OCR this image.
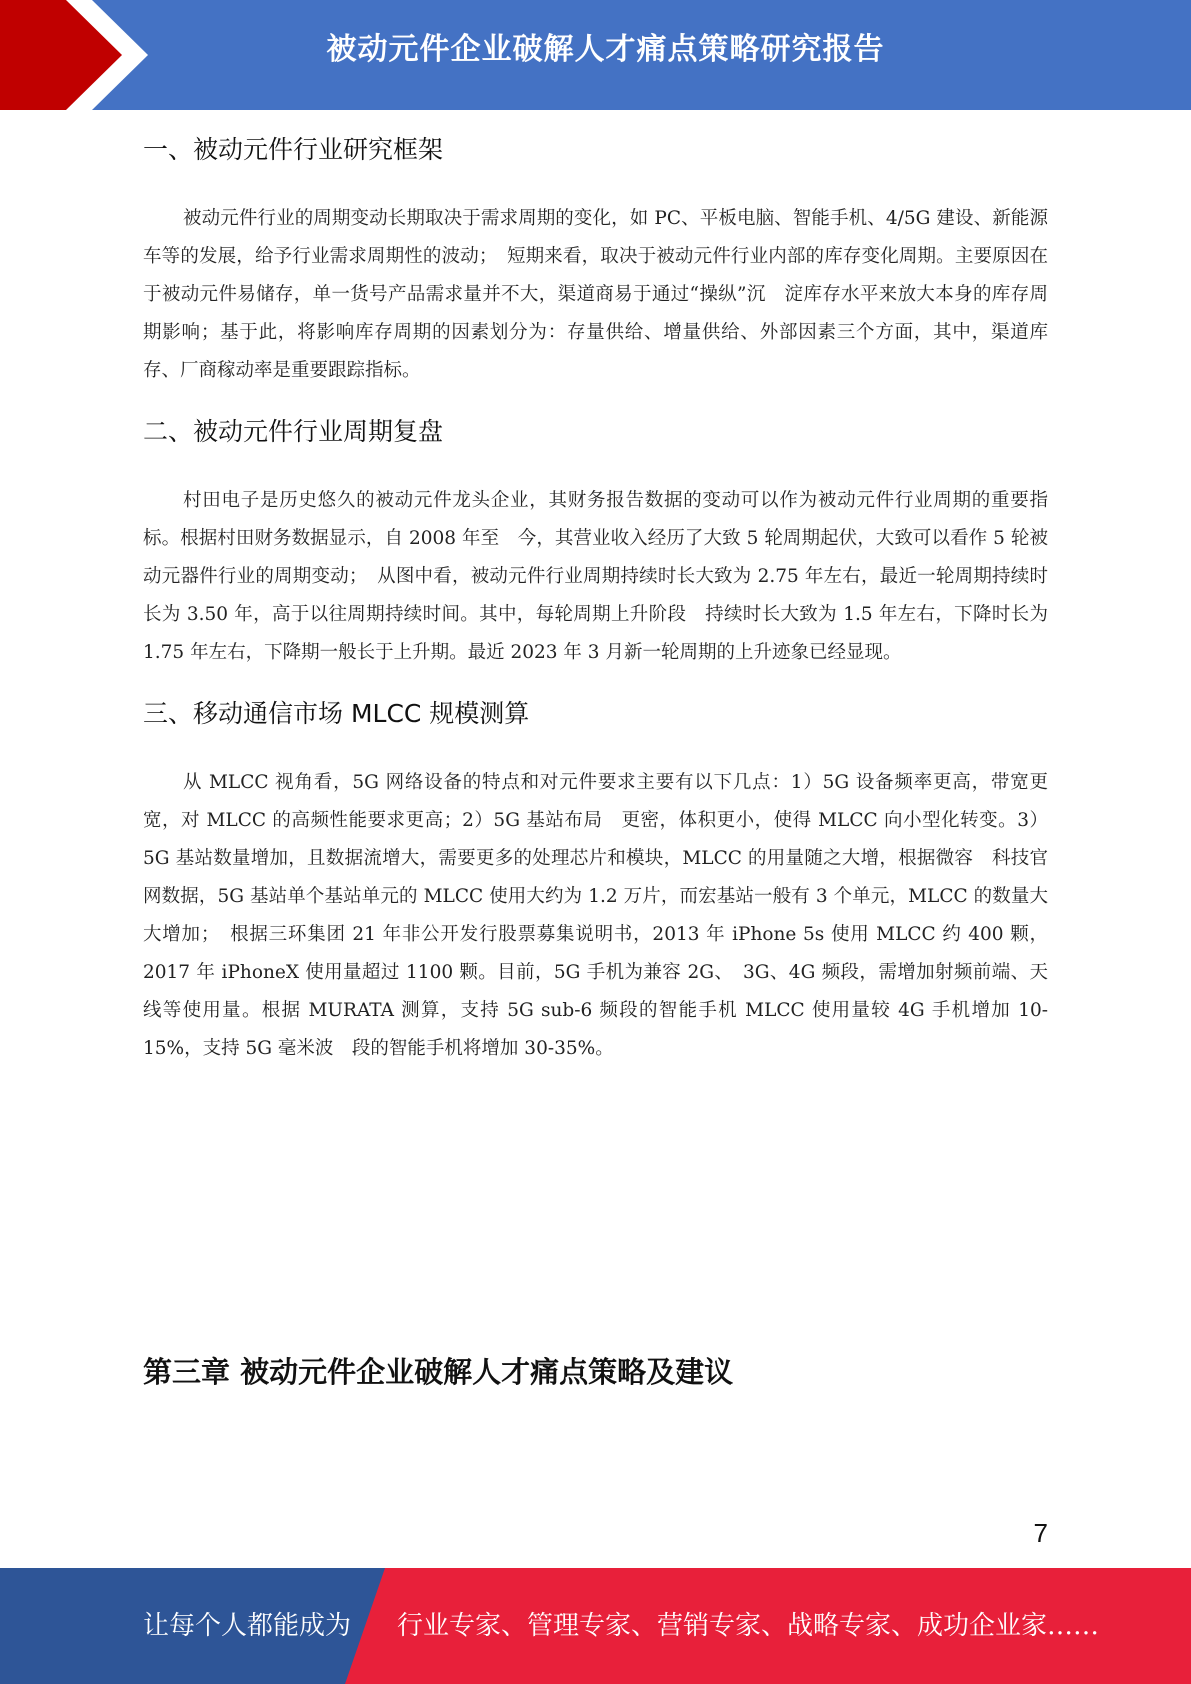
被动元件企业破解人才痛点策略研究报告
一、被动元件行业研究框架

被动元件行业的周期变动长期取决于需求周期的变化，如 PC、平板电脑、智能手机、4/5G 建设、新能源车等的发展，给予行业需求周期性的波动；　短期来看，取决于被动元件行业内部的库存变化周期。主要原因在于被动元件易储存，单一货号产品需求量并不大，渠道商易于通过“操纵”沉　淀库存水平来放大本身的库存周期影响；基于此，将影响库存周期的因素划分为：存量供给、增量供给、外部因素三个方面，其中，渠道库存、厂商稼动率是重要跟踪指标。

二、被动元件行业周期复盘

村田电子是历史悠久的被动元件龙头企业，其财务报告数据的变动可以作为被动元件行业周期的重要指标。根据村田财务数据显示，自 2008 年至　今，其营业收入经历了大致 5 轮周期起伏，大致可以看作 5 轮被动元器件行业的周期变动；　从图中看，被动元件行业周期持续时长大致为 2.75 年左右，最近一轮周期持续时长为 3.50 年，高于以往周期持续时间。其中，每轮周期上升阶段　持续时长大致为 1.5 年左右，下降时长为 1.75 年左右，下降期一般长于上升期。最近 2023 年 3 月新一轮周期的上升迹象已经显现。

三、移动通信市场 MLCC 规模测算

从 MLCC 视角看，5G 网络设备的特点和对元件要求主要有以下几点：1）5G 设备频率更高，带宽更宽，对 MLCC 的高频性能要求更高；2）5G 基站布局　更密，体积更小，使得 MLCC 向小型化转变。3）5G 基站数量增加，且数据流增大，需要更多的处理芯片和模块，MLCC 的用量随之大增，根据微容　科技官网数据，5G 基站单个基站单元的 MLCC 使用大约为 1.2 万片，而宏基站一般有 3 个单元，MLCC 的数量大大增加；　根据三环集团 21 年非公开发行股票募集说明书，2013 年 iPhone 5s 使用 MLCC 约 400 颗，2017 年 iPhoneX 使用量超过 1100 颗。目前，5G 手机为兼容 2G、　3G、4G 频段，需增加射频前端、天线等使用量。根据 MURATA 测算，支持 5G sub-6 频段的智能手机 MLCC 使用量较 4G 手机增加 10-15%，支持 5G 毫米波　段的智能手机将增加 30-35%。

第三章 被动元件企业破解人才痛点策略及建议
7
让每个人都能成为 行业专家、管理专家、营销专家、战略专家、成功企业家……
